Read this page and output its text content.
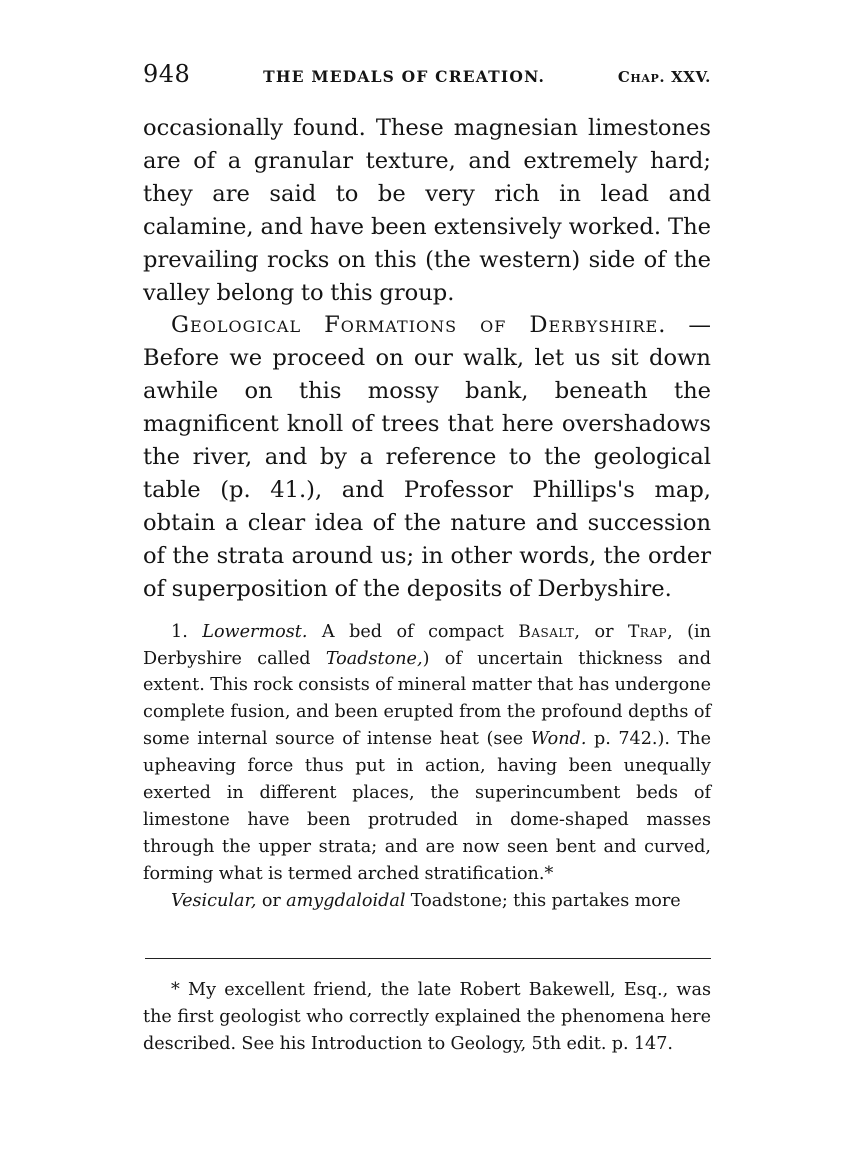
948	THE MEDALS OF CREATION.	Chap. XXV.

occasionally found. These magnesian limestones are of a granular texture, and extremely hard; they are said to be very rich in lead and calamine, and have been extensively worked. The prevailing rocks on this (the western) side of the valley belong to this group.

Geological Formations of Derbyshire. — Before we proceed on our walk, let us sit down awhile on this mossy bank, beneath the magnificent knoll of trees that here overshadows the river, and by a reference to the geological table (p. 41.), and Professor Phillips's map, obtain a clear idea of the nature and succession of the strata around us; in other words, the order of superposition of the deposits of Derbyshire.

1. Lowermost. A bed of compact Basalt, or Trap, (in Derbyshire called Toadstone,) of uncertain thickness and extent. This rock consists of mineral matter that has undergone complete fusion, and been erupted from the profound depths of some internal source of intense heat (see Wond. p. 742.). The upheaving force thus put in action, having been unequally exerted in different places, the superincumbent beds of limestone have been protruded in dome-shaped masses through the upper strata; and are now seen bent and curved, forming what is termed arched stratification.*

Vesicular, or amygdaloidal Toadstone; this partakes more

* My excellent friend, the late Robert Bakewell, Esq., was the first geologist who correctly explained the phenomena here described. See his Introduction to Geology, 5th edit. p. 147.
